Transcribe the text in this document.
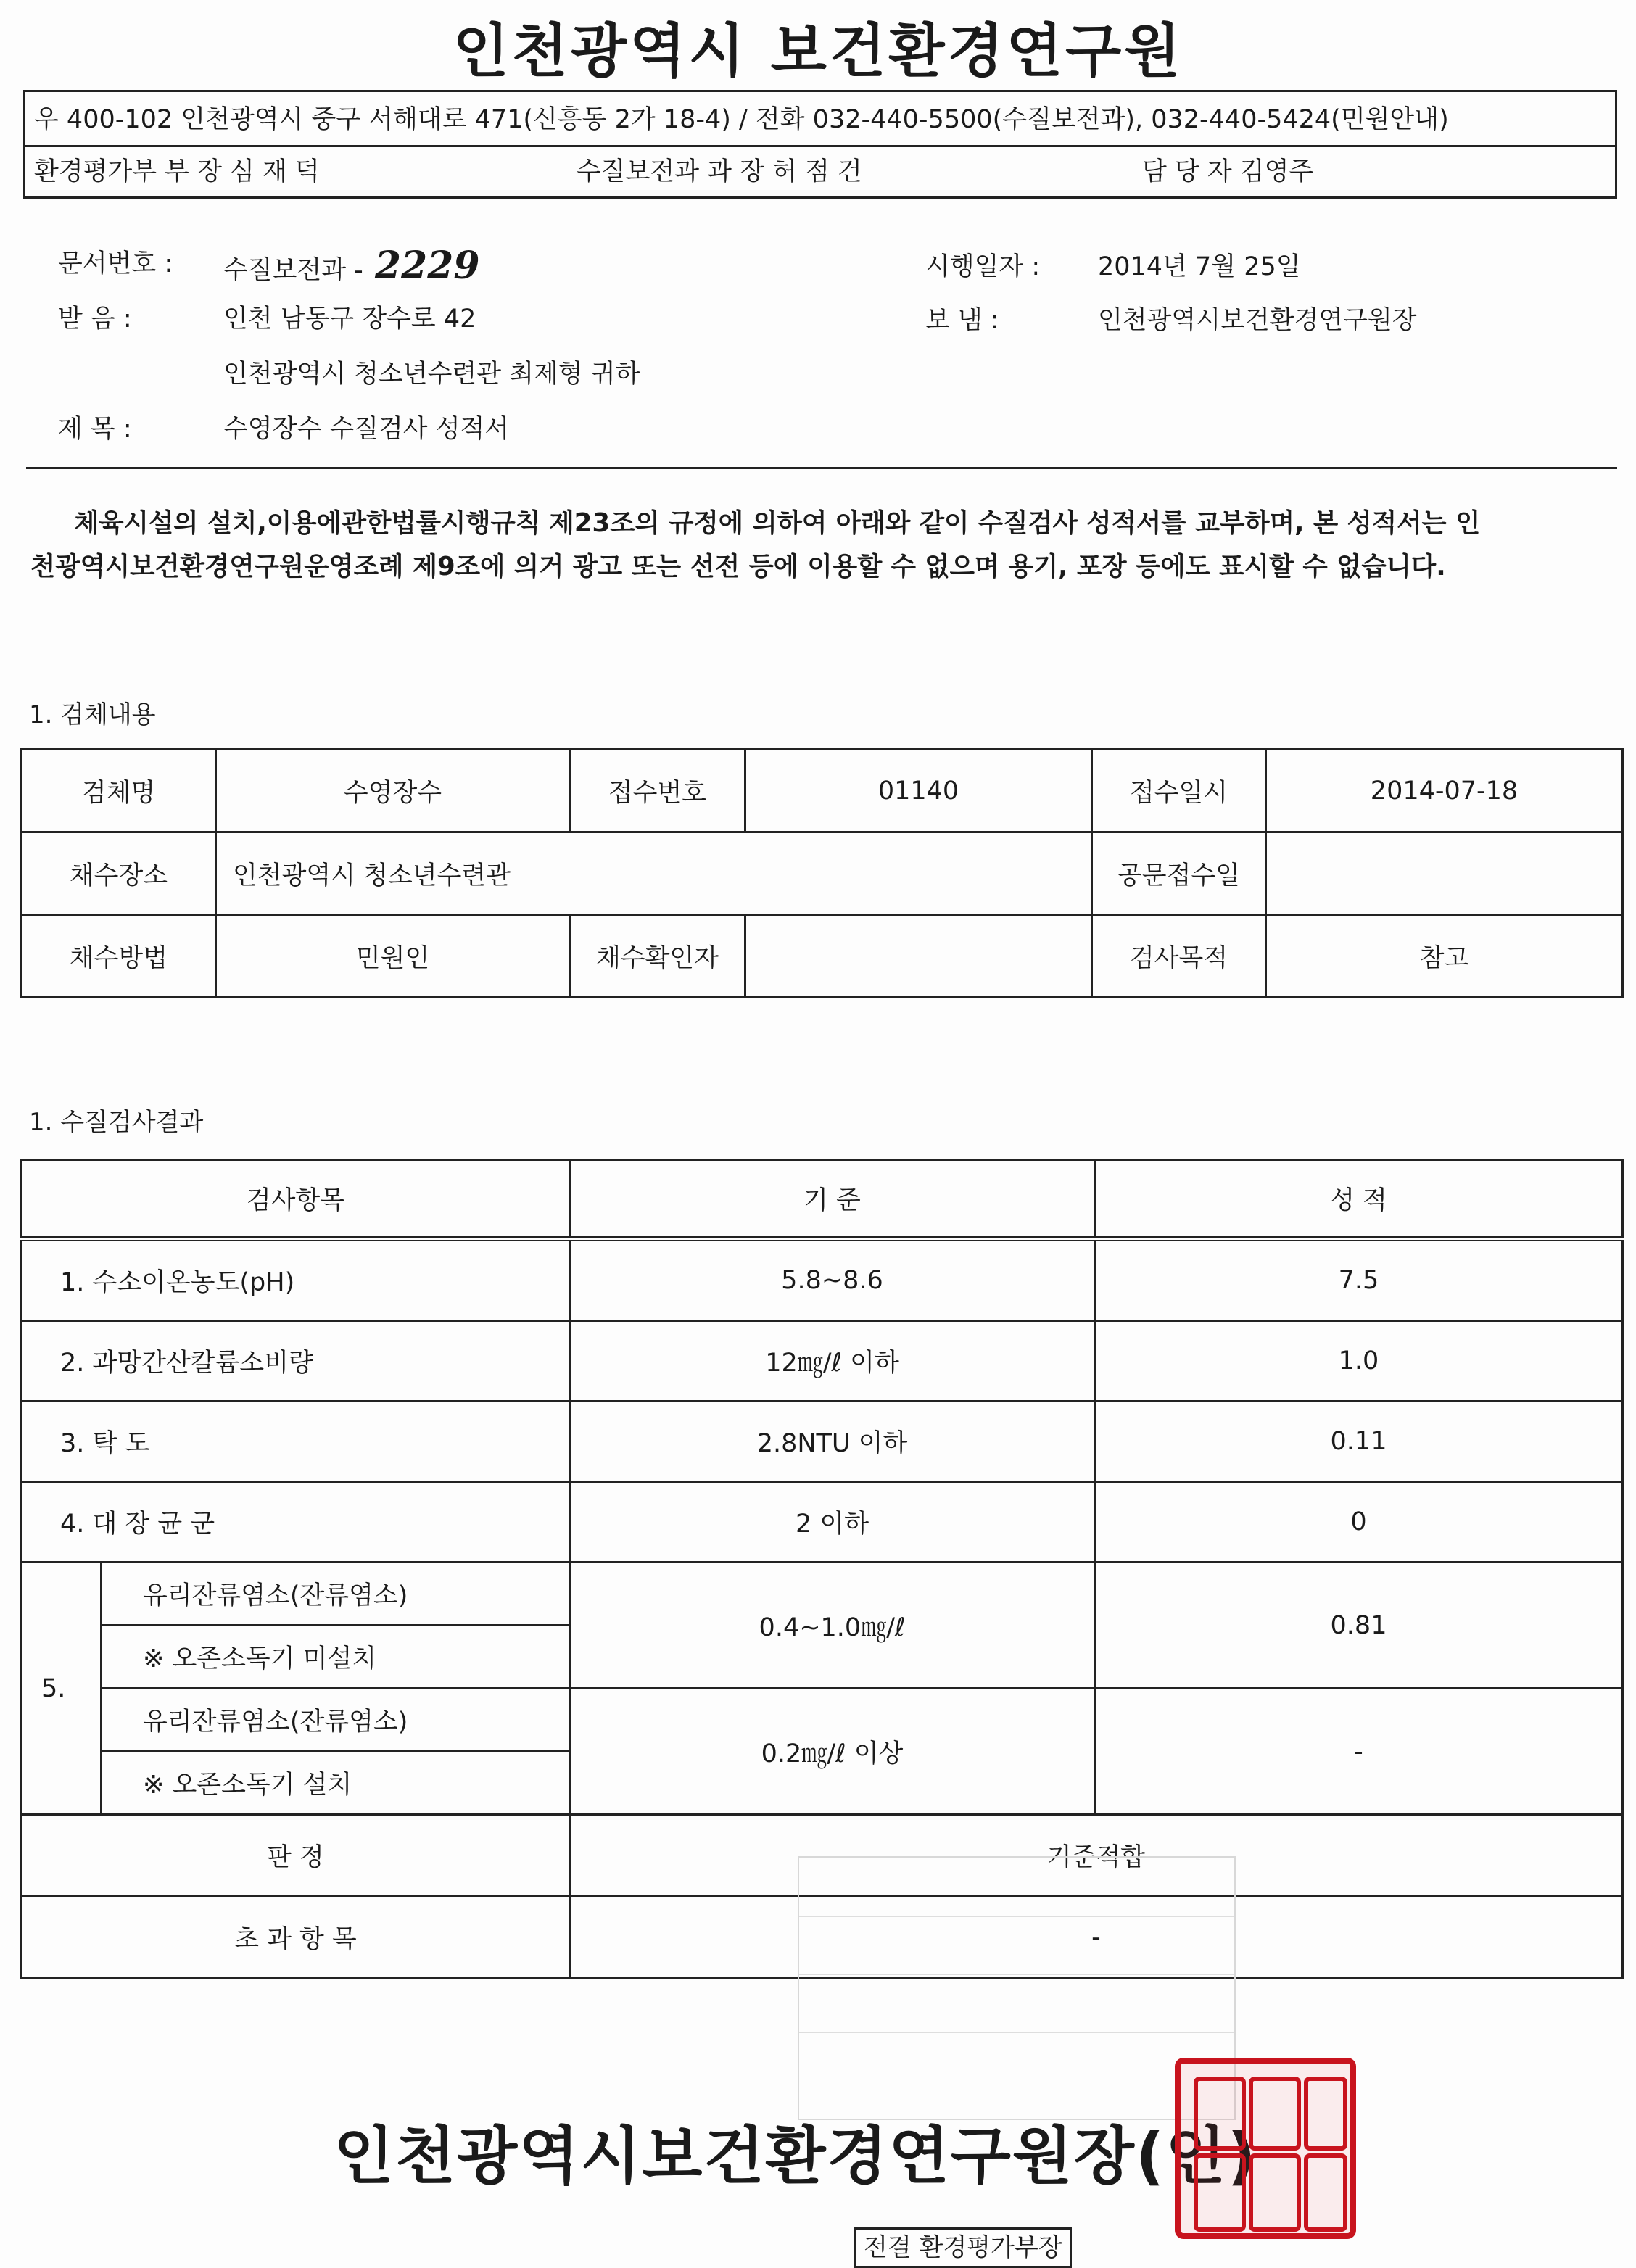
인천광역시 보건환경연구원
우 400-102 인천광역시 중구 서해대로 471(신흥동 2가 18-4) / 전화 032-440-5500(수질보전과), 032-440-5424(민원안내)
환경평가부 부 장 심 재 덕	수질보전과 과 장 허 점 건	담 당 자 김영주
문서번호 : 수질보전과 - 2229	시행일자 : 2014년 7월 25일
받 음 :	인천 남동구 장수로 42	보 냄 :	인천광역시보건환경연구원장
인천광역시 청소년수련관 최제형 귀하
제 목 :	수영장수 수질검사 성적서
체육시설의 설치,이용에관한법률시행규칙 제23조의 규정에 의하여 아래와 같이 수질검사 성적서를 교부하며, 본 성적서는 인
천광역시보건환경연구원운영조례 제9조에 의거 광고 또는 선전 등에 이용할 수 없으며 용기, 포장 등에도 표시할 수 없습니다.
1. 검체내용
검체명	수영장수	접수번호	01140	접수일시	2014-07-18
채수장소	인천광역시 청소년수련관			공문접수일	
채수방법	민원인	채수확인자		검사목적	참고
1. 수질검사결과
검사항목		기 준	성 적
1. 수소이온농도(pH)		5.8~8.6	7.5
2. 과망간산칼륨소비량		12㎎/ℓ 이하	1.0
3. 탁 도		2.8NTU 이하	0.11
4. 대 장 균 군		2 이하	0
5.	유리잔류염소(잔류염소)	0.4~1.0㎎/ℓ	0.81
	※ 오존소독기 미설치		
	유리잔류염소(잔류염소)	0.2㎎/ℓ 이상	-
	※ 오존소독기 설치		
판 정		기준적합	
초 과 항 목		-	
인천광역시보건환경연구원장(인)
전결 환경평가부장
